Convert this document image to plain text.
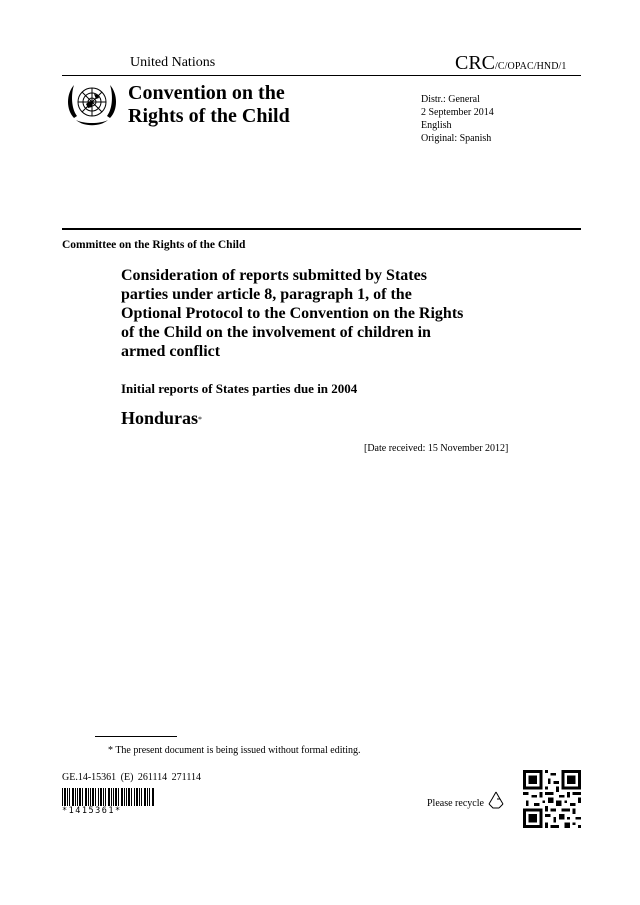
United Nations	CRC/C/OPAC/HND/1
Convention on the
Rights of the Child
Distr.: General
2 September 2014
English
Original: Spanish
Committee on the Rights of the Child
Consideration of reports submitted by States
parties under article 8, paragraph 1, of the
Optional Protocol to the Convention on the Rights
of the Child on the involvement of children in
armed conflict
Initial reports of States parties due in 2004
Honduras*
[Date received: 15 November 2012]
* The present document is being issued without formal editing.
GE.14-15361 (E) 261114 271114
*1415361*
Please recycle
